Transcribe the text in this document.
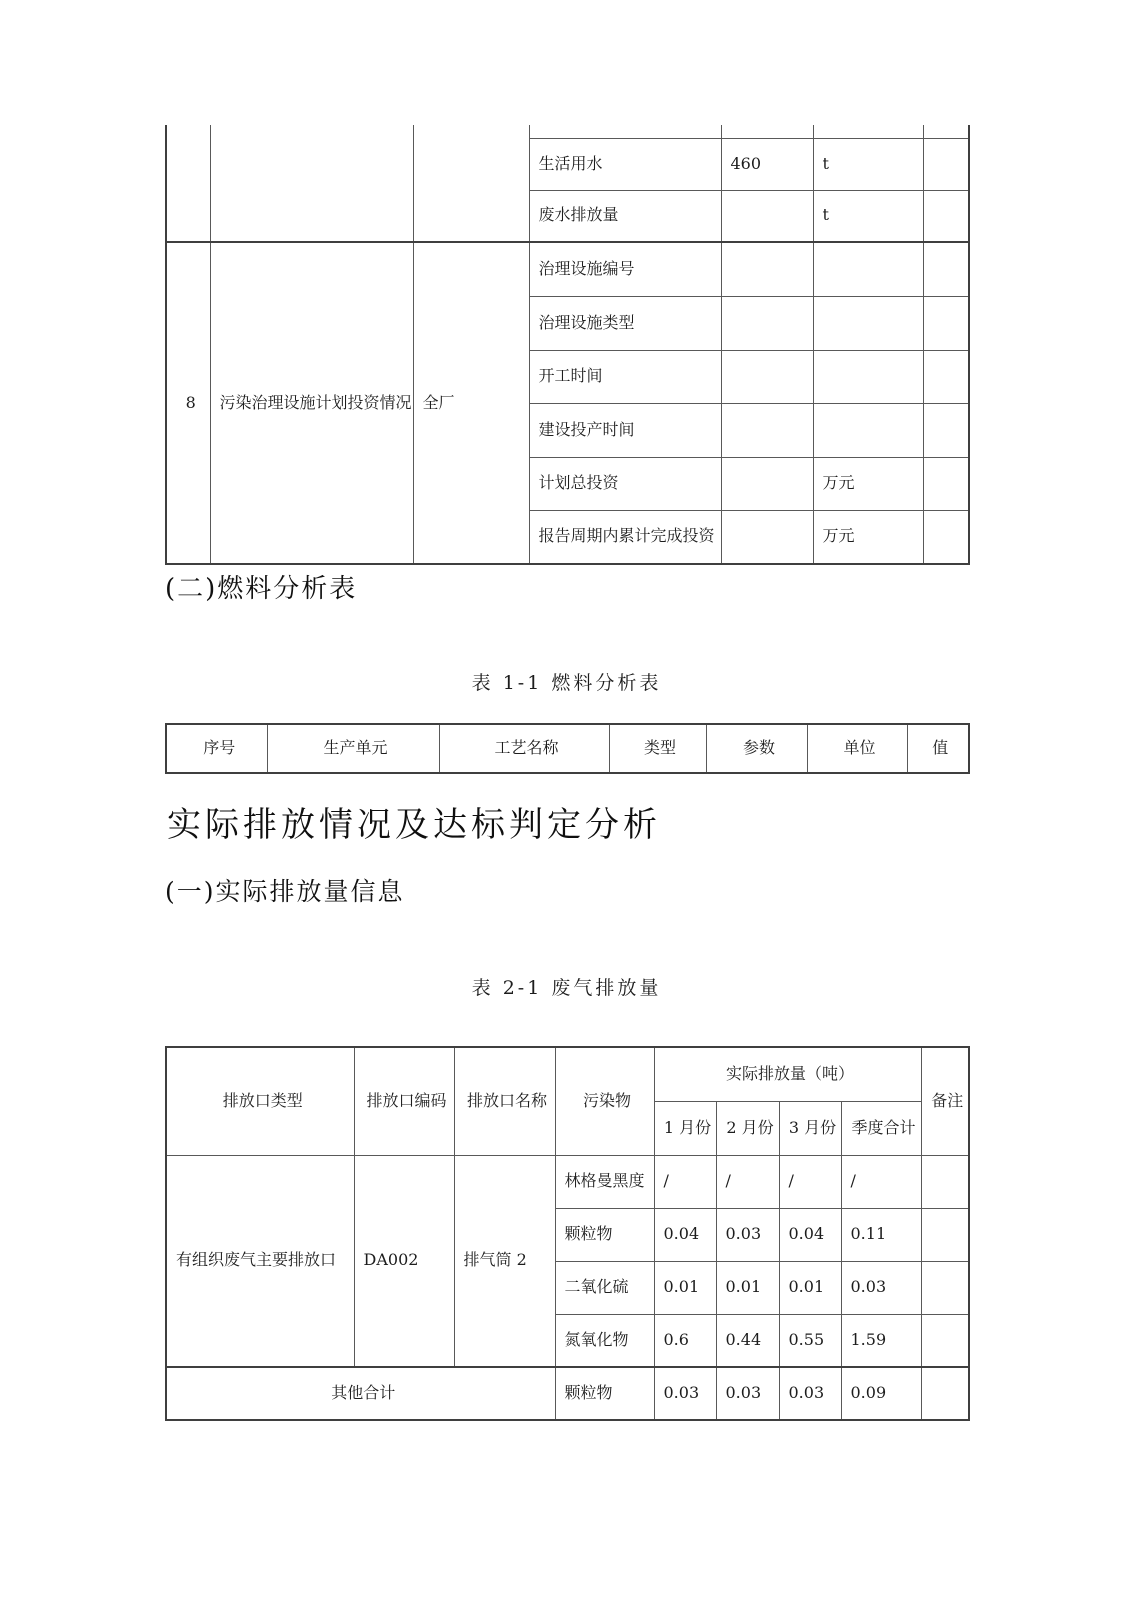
			生活用水	460	t	
			废水排放量		t	
8	污染治理设施计划投资情况	全厂	治理设施编号			
			治理设施类型			
			开工时间			
			建设投产时间			
			计划总投资		万元	
			报告周期内累计完成投资		万元	
(二)燃料分析表
表 1-1 燃料分析表
序号	生产单元	工艺名称	类型	参数	单位	值
实际排放情况及达标判定分析
(一)实际排放量信息
表 2-1 废气排放量
排放口类型	排放口编码	排放口名称	污染物	实际排放量（吨）				备注
				1 月份	2 月份	3 月份	季度合计	
有组织废气主要排放口	DA002	排气筒 2	林格曼黑度	/	/	/	/	
			颗粒物	0.04	0.03	0.04	0.11	
			二氧化硫	0.01	0.01	0.01	0.03	
			氮氧化物	0.6	0.44	0.55	1.59	
其他合计			颗粒物	0.03	0.03	0.03	0.09	
